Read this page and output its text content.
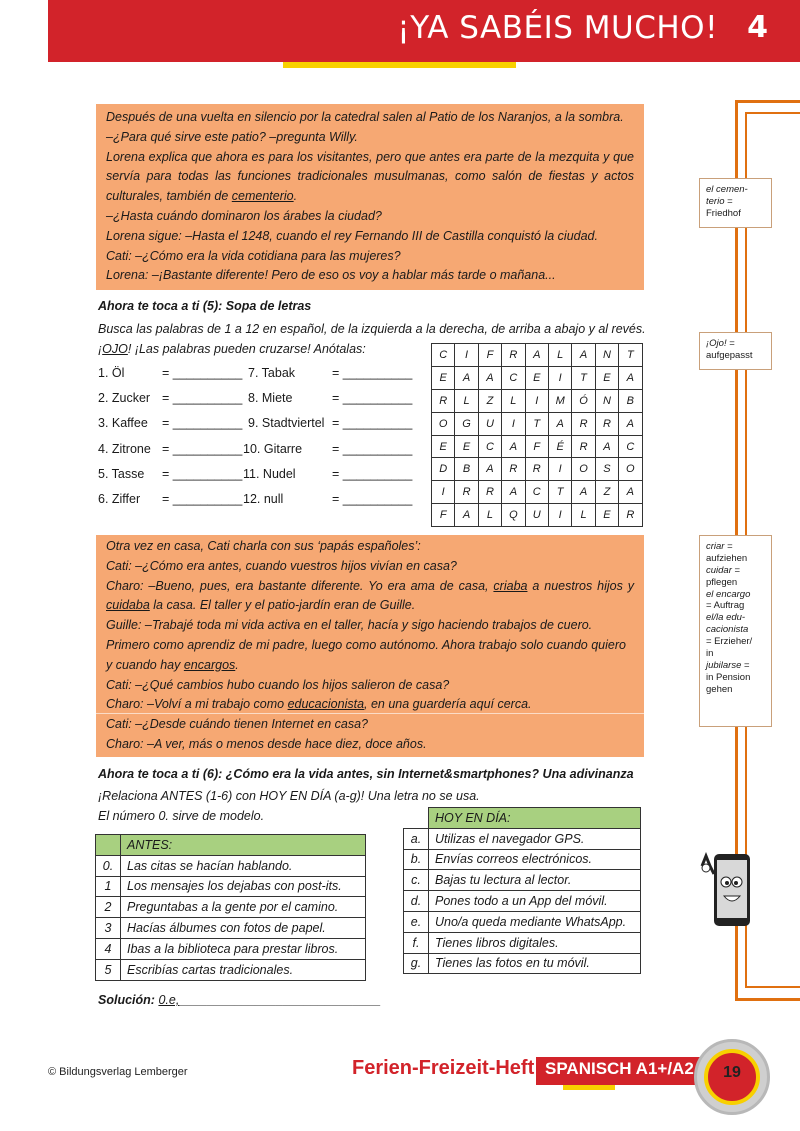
¡YA SABÉIS MUCHO! 4
el cemen-
terio =
Friedhof
¡Ojo! =
aufgepasst
criar =
aufziehen
cuidar =
pflegen
el encargo
= Auftrag
el/la edu-
cacionista
= Erzieher/
in
jubilarse =
in Pension
gehen

Después de una vuelta en silencio por la catedral salen al Patio de los Naranjos, a la sombra.

–¿Para qué sirve este patio? –pregunta Willy.

Lorena explica que ahora es para los visitantes, pero que antes era parte de la mezquita y que servía para todas las funciones tradicionales musulmanas, como salón de fiestas y actos culturales, también de cementerio.

–¿Hasta cuándo dominaron los árabes la ciudad?

Lorena sigue: –Hasta el 1248, cuando el rey Fernando III de Castilla conquistó la ciudad.

Cati: –¿Cómo era la vida cotidiana para las mujeres?

Lorena: –¡Bastante diferente! Pero de eso os voy a hablar más tarde o mañana...

Ahora te toca a ti (5): Sopa de letras
Busca las palabras de 1 a 12 en español, de la izquierda a la derecha, de arriba a abajo y al revés.
¡OJO! ¡Las palabras pueden cruzarse! Anótalas:
1. Öl	= __________ 7. Tabak	= __________
2. Zucker = __________ 8. Miete	= __________
3. Kaffee = __________ 9. Stadtviertel = __________
4. Zitrone = __________ 10. Gitarre = __________
5. Tasse = __________ 11. Nudel	= __________
6. Ziffer = __________ 12. null	= __________
C	I	F	R	A	L	A	N	T
E	A	A	C	E	I	T	E	A
R	L	Z	L	I	M	Ó	N	B
O	G	U	I	T	A	R	R	A
E	E	C	A	F	É	R	A	C
D	B	A	R	R	I	O	S	O
I	R	R	A	C	T	A	Z	A
F	A	L	Q	U	I	L	E	R

Otra vez en casa, Cati charla con sus ‘papás españoles’:

Cati: –¿Cómo era antes, cuando vuestros hijos vivían en casa?

Charo: –Bueno, pues, era bastante diferente. Yo era ama de casa, criaba a nuestros hijos y

cuidaba la casa. El taller y el patio-jardín eran de Guille.

Guille: –Trabajé toda mi vida activa en el taller, hacía y sigo haciendo trabajos de cuero.

Primero como aprendiz de mi padre, luego como autónomo. Ahora trabajo solo cuando quiero

y cuando hay encargos.

Cati: –¿Qué cambios hubo cuando los hijos salieron de casa?

Charo: –Volví a mi trabajo como educacionista, en una guardería aquí cerca.

Cati: –¿Desde cuándo tienen Internet en casa?

Charo: –A ver, más o menos desde hace diez, doce años.

Ahora te toca a ti (6): ¿Cómo era la vida antes, sin Internet&smartphones? Una adivinanza
¡Relaciona ANTES (1-6) con HOY EN DÍA (a-g)! Una letra no se usa.
El número 0. sirve de modelo.
	ANTES:
0.	Las citas se hacían hablando.
1	Los mensajes los dejabas con post-its.
2	Preguntabas a la gente por el camino.
3	Hacías álbumes con fotos de papel.
4	Ibas a la biblioteca para prestar libros.
5	Escribías cartas tradicionales.
	HOY EN DÍA:
a.	Utilizas el navegador GPS.
b.	Envías correos electrónicos.
c.	Bajas tu lectura al lector.
d.	Pones todo a un App del móvil.
e.	Uno/a queda mediante WhatsApp.
f.	Tienes libros digitales.
g.	Tienes las fotos en tu móvil.
Solución: 0.e,_____________________________
© Bildungsverlag Lemberger	Ferien-Freizeit-Heft SPANISCH A1+/A2	19
